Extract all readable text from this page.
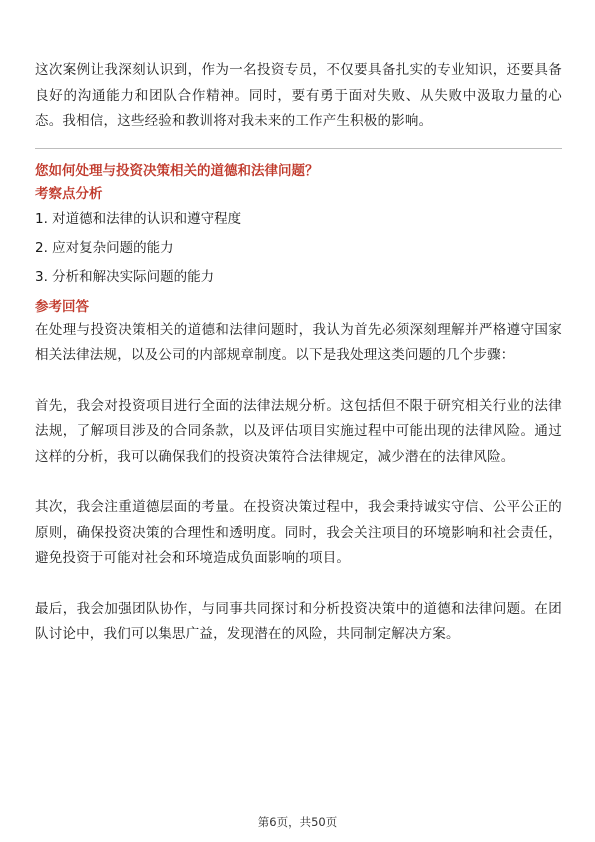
这次案例让我深刻认识到，作为一名投资专员，不仅要具备扎实的专业知识，还要具备良好的沟通能力和团队合作精神。同时，要有勇于面对失败、从失败中汲取力量的心态。我相信，这些经验和教训将对我未来的工作产生积极的影响。

您如何处理与投资决策相关的道德和法律问题？

考察点分析

1. 对道德和法律的认识和遵守程度
2. 应对复杂问题的能力
3. 分析和解决实际问题的能力

参考回答

在处理与投资决策相关的道德和法律问题时，我认为首先必须深刻理解并严格遵守国家相关法律法规，以及公司的内部规章制度。以下是我处理这类问题的几个步骤：

首先，我会对投资项目进行全面的法律法规分析。这包括但不限于研究相关行业的法律法规，了解项目涉及的合同条款，以及评估项目实施过程中可能出现的法律风险。通过这样的分析，我可以确保我们的投资决策符合法律规定，减少潜在的法律风险。

其次，我会注重道德层面的考量。在投资决策过程中，我会秉持诚实守信、公平公正的原则，确保投资决策的合理性和透明度。同时，我会关注项目的环境影响和社会责任，避免投资于可能对社会和环境造成负面影响的项目。

最后，我会加强团队协作，与同事共同探讨和分析投资决策中的道德和法律问题。在团队讨论中，我们可以集思广益，发现潜在的风险，共同制定解决方案。

第6页，共50页
